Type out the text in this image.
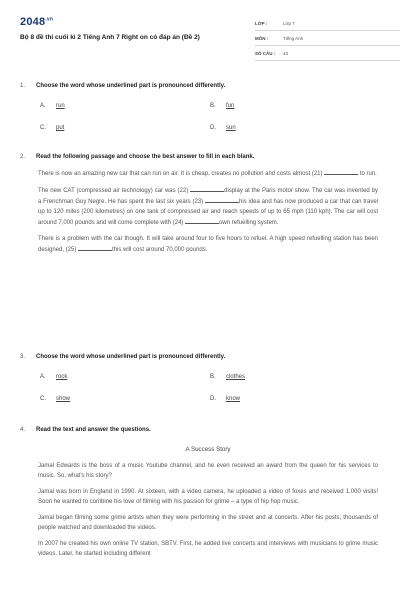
$2048^{.vn}$
Bộ 8 đề thi cuối kì 2 Tiếng Anh 7 Right on có đáp án (Đề 2)
LỚP :	Lớp 7
MÔN :	Tiếng Anh
SỐ CÂU :	43
1.	Choose the word whose underlined part is pronounced differently.
A. run	B. fun
C. put	D. sun
2.	Read the following passage and choose the best answer to fill in each blank.
There is now an amazing new car that can run on air. It is cheap, creates no pollution and costs almost (21)	to run.
The new CAT (compressed air technology) car was (22)	display at the Paris motor show. The car was invented by a Frenchman Guy Negre. He has spent the last six years (23)	his idea and has now produced a car that can travel up to 120 miles (200 kilometres) on one tank of compressed air and reach speeds of up to 65 mph (110 kph). The car will cost around 7,000 pounds and will come complete with (24)	own refuelling system.
There is a problem with the car though. It will take around four to five hours to refuel. A high speed refuelling station has been designed, (25)	this will cost around 70,000 pounds.
3.	Choose the word whose underlined part is pronounced differently.
A. rock	B. clothes
C. show	D. know
4.	Read the text and answer the questions.
A Success Story
Jamal Edwards is the boss of a music Youtube channel, and he even received an award from the queen for his services to music. So, what's his story?
Jamal was born in England in 1990. At sixteen, with a video camera, he uploaded a video of foxes and received 1,000 visits! Soon he wanted to combine his love of filming with his passion for grime – a type of hip hop music.
Jamal began filming some grime artists when they were performing in the street and at concerts. After his posts, thousands of people watched and downloaded the videos.
In 2007 he created his own online TV station, SBTV. First, he added live concerts and interviews with musicians to grime music videos. Later, he started including different
